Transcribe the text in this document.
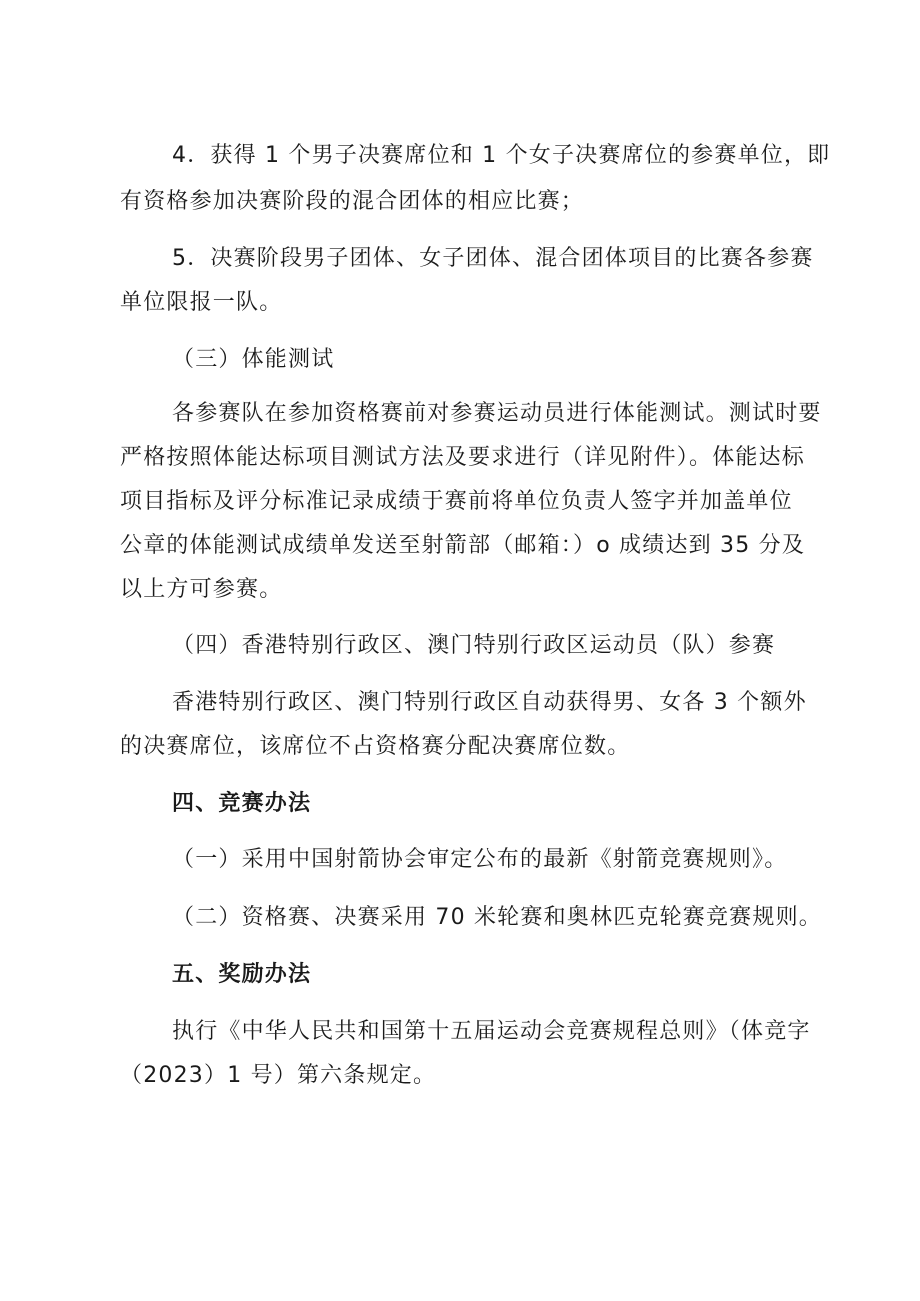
4．获得 1 个男子决赛席位和 1 个女子决赛席位的参赛单位，即
有资格参加决赛阶段的混合团体的相应比赛；
5．决赛阶段男子团体、女子团体、混合团体项目的比赛各参赛
单位限报一队。
（三）体能测试
各参赛队在参加资格赛前对参赛运动员进行体能测试。测试时要
严格按照体能达标项目测试方法及要求进行（详见附件）。体能达标
项目指标及评分标准记录成绩于赛前将单位负责人签字并加盖单位
公章的体能测试成绩单发送至射箭部（邮箱：）o 成绩达到 35 分及
以上方可参赛。
（四）香港特别行政区、澳门特别行政区运动员（队）参赛
香港特别行政区、澳门特别行政区自动获得男、女各 3 个额外
的决赛席位，该席位不占资格赛分配决赛席位数。
四、竞赛办法
（一）采用中国射箭协会审定公布的最新《射箭竞赛规则》。
（二）资格赛、决赛采用 70 米轮赛和奥林匹克轮赛竞赛规则。
五、奖励办法
执行《中华人民共和国第十五届运动会竞赛规程总则》（体竞字
（2023）1 号）第六条规定。
